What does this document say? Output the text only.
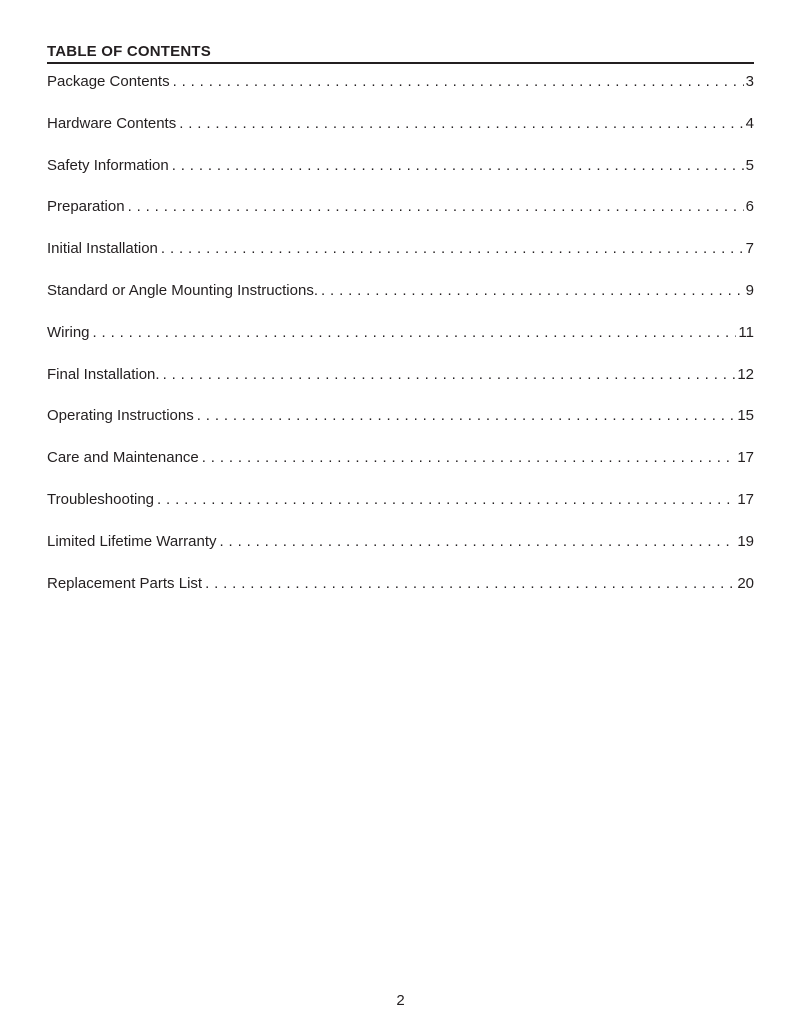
TABLE OF CONTENTS
Package Contents . . .	3
Hardware Contents . . .	4
Safety Information . . .	5
Preparation . . .	6
Initial Installation . . .	7
Standard or Angle Mounting Instructions. . . .	9
Wiring . . .	11
Final Installation. . . .	12
Operating Instructions . . .	15
Care and Maintenance . . .	17
Troubleshooting . . .	17
Limited Lifetime Warranty . . .	19
Replacement Parts List . . .	20
2
